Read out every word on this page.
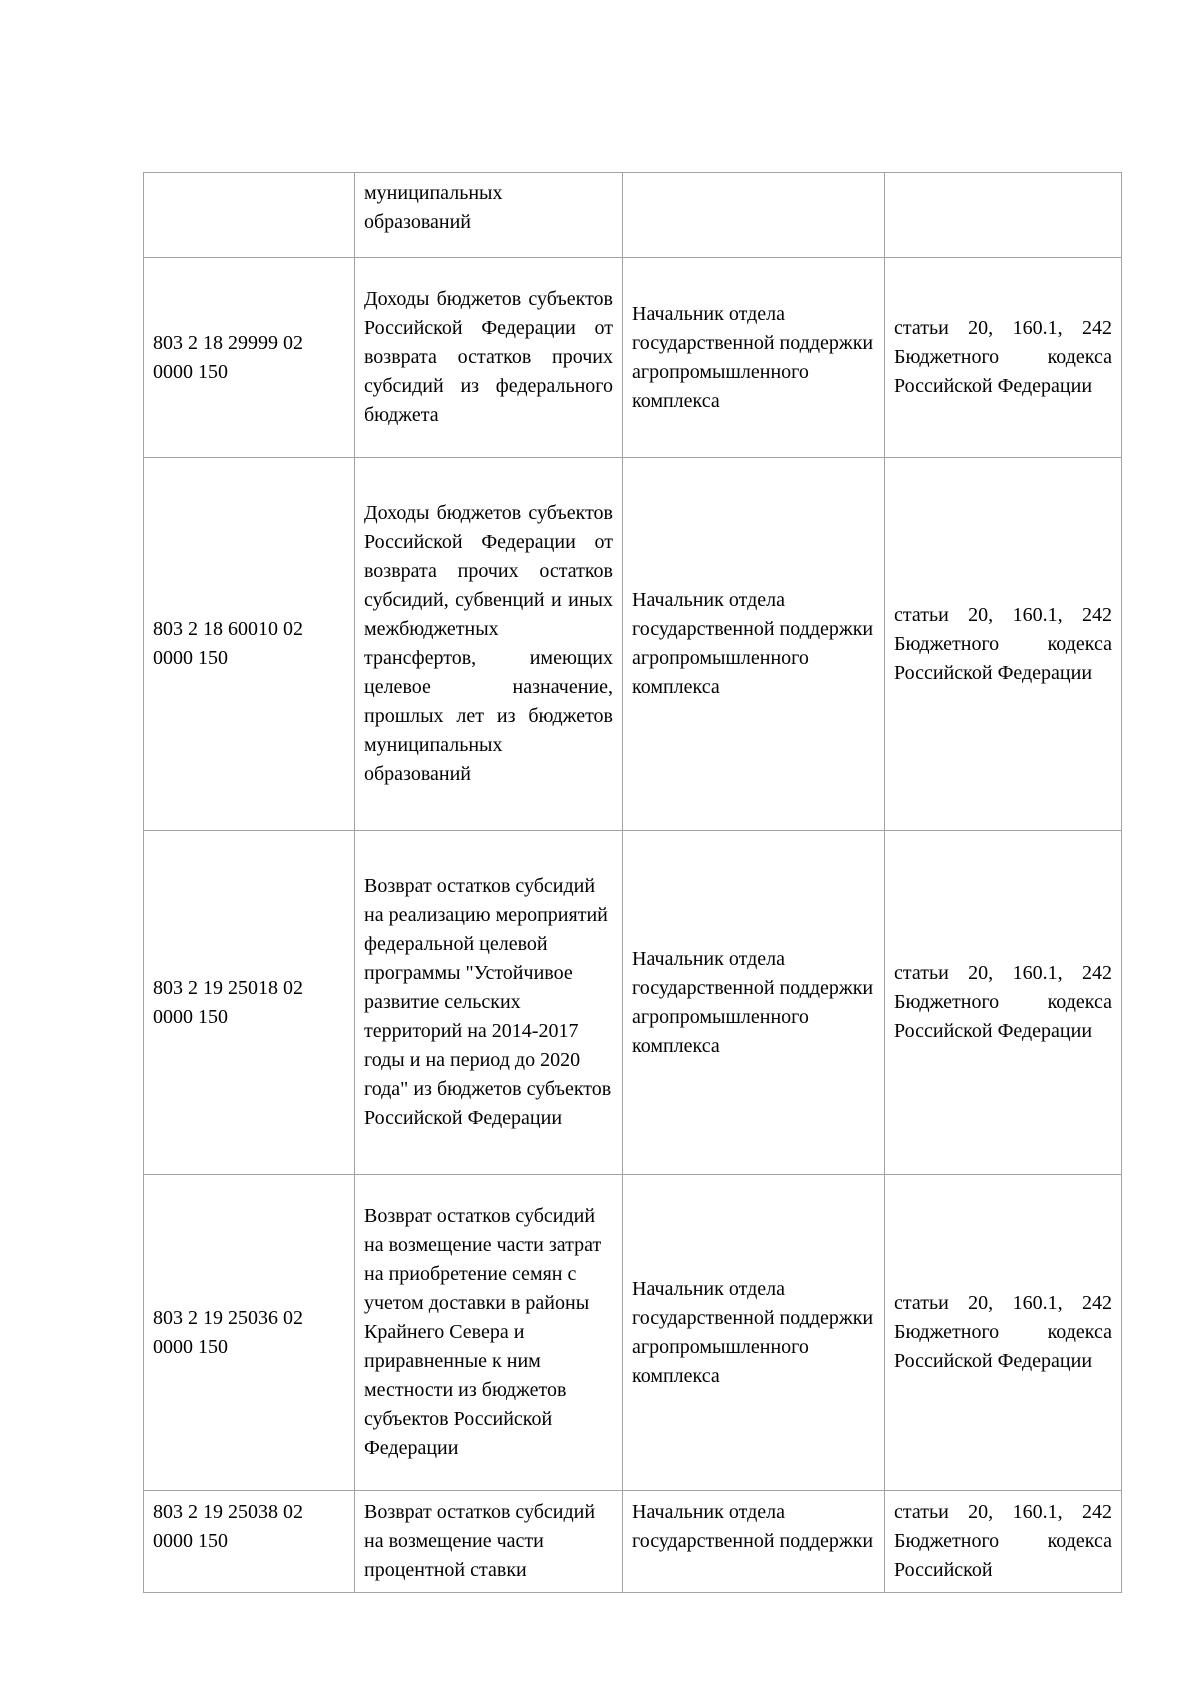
	муниципальных образований		

803 2 18 29999 02 0000 150	Доходы бюджетов субъектов Российской Федерации от возврата остатков прочих субсидий из федерального бюджета	Начальник отдела государственной поддержки агропромышленного комплекса	статьи 20, 160.1, 242 Бюджетного кодекса Российской Федерации

803 2 18 60010 02 0000 150	Доходы бюджетов субъектов Российской Федерации от возврата прочих остатков субсидий, субвенций и иных межбюджетных трансфертов, имеющих целевое назначение, прошлых лет из бюджетов муниципальных образований	Начальник отдела государственной поддержки агропромышленного комплекса	статьи 20, 160.1, 242 Бюджетного кодекса Российской Федерации

803 2 19 25018 02 0000 150	Возврат остатков субсидий на реализацию мероприятий федеральной целевой программы "Устойчивое развитие сельских территорий на 2014-2017 годы и на период до 2020 года" из бюджетов субъектов Российской Федерации	Начальник отдела государственной поддержки агропромышленного комплекса	статьи 20, 160.1, 242 Бюджетного кодекса Российской Федерации

803 2 19 25036 02 0000 150	Возврат остатков субсидий на возмещение части затрат на приобретение семян с учетом доставки в районы Крайнего Севера и приравненные к ним местности из бюджетов субъектов Российской Федерации	Начальник отдела государственной поддержки агропромышленного комплекса	статьи 20, 160.1, 242 Бюджетного кодекса Российской Федерации

803 2 19 25038 02 0000 150	Возврат остатков субсидий на возмещение части процентной ставки	Начальник отдела государственной поддержки	статьи 20, 160.1, 242 Бюджетного кодекса Российской
